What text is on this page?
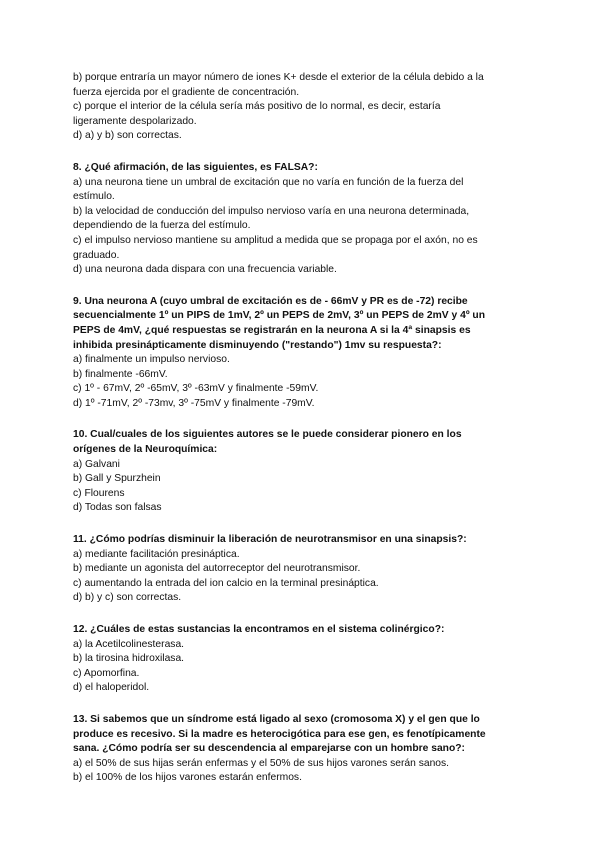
b) porque entraría un mayor número de iones K+ desde el exterior de la célula debido a la
fuerza ejercida por el gradiente de concentración.
c) porque el interior de la célula sería más positivo de lo normal, es decir, estaría
ligeramente despolarizado.
d) a) y b) son correctas.
8. ¿Qué afirmación, de las siguientes, es FALSA?:
a) una neurona tiene un umbral de excitación que no varía en función de la fuerza del
estímulo.
b) la velocidad de conducción del impulso nervioso varía en una neurona determinada,
dependiendo de la fuerza del estímulo.
c) el impulso nervioso mantiene su amplitud a medida que se propaga por el axón, no es
graduado.
d) una neurona dada dispara con una frecuencia variable.
9. Una neurona A (cuyo umbral de excitación es de - 66mV y PR es de -72) recibe
secuencialmente 1º un PIPS de 1mV, 2º un PEPS de 2mV, 3º un PEPS de 2mV y 4º un
PEPS de 4mV, ¿qué respuestas se registrarán en la neurona A si la 4ª sinapsis es
inhibida presinápticamente disminuyendo ("restando") 1mv su respuesta?:
a) finalmente un impulso nervioso.
b) finalmente -66mV.
c) 1º - 67mV, 2º -65mV, 3º -63mV y finalmente -59mV.
d) 1º -71mV, 2º -73mv, 3º -75mV y finalmente -79mV.
10. Cual/cuales de los siguientes autores se le puede considerar pionero en los
orígenes de la Neuroquímica:
a) Galvani
b) Gall y Spurzhein
c) Flourens
d) Todas son falsas
11. ¿Cómo podrías disminuir la liberación de neurotransmisor en una sinapsis?:
a) mediante facilitación presináptica.
b) mediante un agonista del autorreceptor del neurotransmisor.
c) aumentando la entrada del ion calcio en la terminal presináptica.
d) b) y c) son correctas.
12. ¿Cuáles de estas sustancias la encontramos en el sistema colinérgico?:
a) la Acetilcolinesterasa.
b) la tirosina hidroxilasa.
c) Apomorfina.
d) el haloperidol.
13. Si sabemos que un síndrome está ligado al sexo (cromosoma X) y el gen que lo
produce es recesivo. Si la madre es heterocigótica para ese gen, es fenotípicamente
sana. ¿Cómo podría ser su descendencia al emparejarse con un hombre sano?:
a) el 50% de sus hijas serán enfermas y el 50% de sus hijos varones serán sanos.
b) el 100% de los hijos varones estarán enfermos.
